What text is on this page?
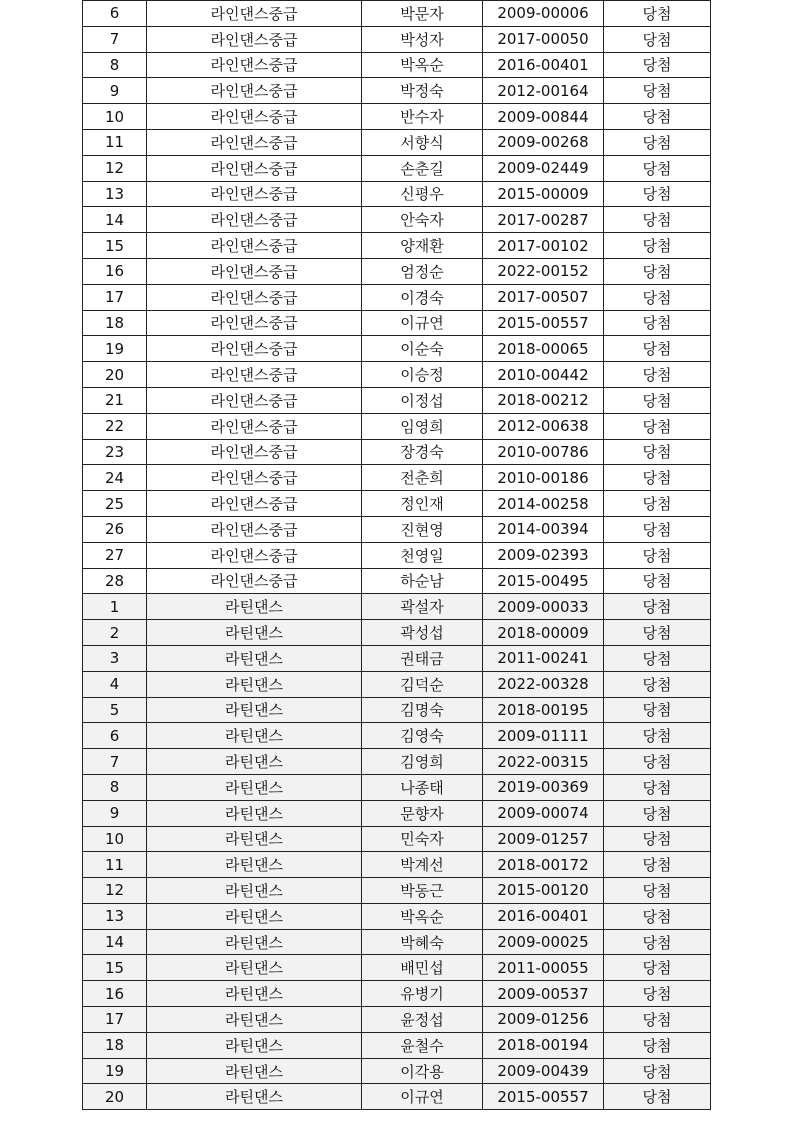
6	라인댄스중급	박문자	2009-00006	당첨
7	라인댄스중급	박성자	2017-00050	당첨
8	라인댄스중급	박옥순	2016-00401	당첨
9	라인댄스중급	박정숙	2012-00164	당첨
10	라인댄스중급	반수자	2009-00844	당첨
11	라인댄스중급	서향식	2009-00268	당첨
12	라인댄스중급	손춘길	2009-02449	당첨
13	라인댄스중급	신평우	2015-00009	당첨
14	라인댄스중급	안숙자	2017-00287	당첨
15	라인댄스중급	양재환	2017-00102	당첨
16	라인댄스중급	엄정순	2022-00152	당첨
17	라인댄스중급	이경숙	2017-00507	당첨
18	라인댄스중급	이규연	2015-00557	당첨
19	라인댄스중급	이순숙	2018-00065	당첨
20	라인댄스중급	이승정	2010-00442	당첨
21	라인댄스중급	이정섭	2018-00212	당첨
22	라인댄스중급	임영희	2012-00638	당첨
23	라인댄스중급	장경숙	2010-00786	당첨
24	라인댄스중급	전춘희	2010-00186	당첨
25	라인댄스중급	정인재	2014-00258	당첨
26	라인댄스중급	진현영	2014-00394	당첨
27	라인댄스중급	천영일	2009-02393	당첨
28	라인댄스중급	하순남	2015-00495	당첨
1	라틴댄스	곽설자	2009-00033	당첨
2	라틴댄스	곽성섭	2018-00009	당첨
3	라틴댄스	권태금	2011-00241	당첨
4	라틴댄스	김덕순	2022-00328	당첨
5	라틴댄스	김명숙	2018-00195	당첨
6	라틴댄스	김영숙	2009-01111	당첨
7	라틴댄스	김영희	2022-00315	당첨
8	라틴댄스	나종태	2019-00369	당첨
9	라틴댄스	문향자	2009-00074	당첨
10	라틴댄스	민숙자	2009-01257	당첨
11	라틴댄스	박계선	2018-00172	당첨
12	라틴댄스	박동근	2015-00120	당첨
13	라틴댄스	박옥순	2016-00401	당첨
14	라틴댄스	박혜숙	2009-00025	당첨
15	라틴댄스	배민섭	2011-00055	당첨
16	라틴댄스	유병기	2009-00537	당첨
17	라틴댄스	윤정섭	2009-01256	당첨
18	라틴댄스	윤철수	2018-00194	당첨
19	라틴댄스	이각용	2009-00439	당첨
20	라틴댄스	이규연	2015-00557	당첨
